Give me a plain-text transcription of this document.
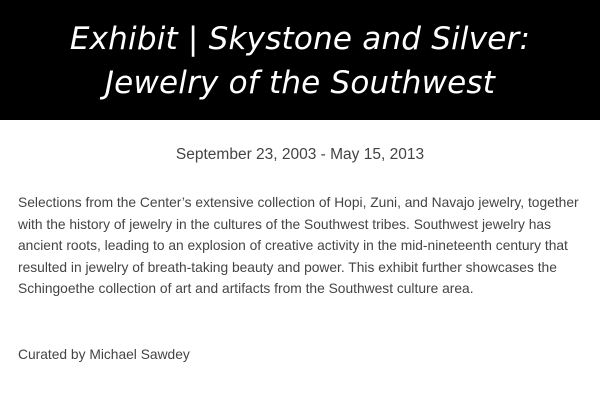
Exhibit | Skystone and Silver:
Jewelry of the Southwest
September 23, 2003 - May 15, 2013

Selections from the Center’s extensive collection of Hopi, Zuni, and Navajo jewelry, together with the history of jewelry in the cultures of the Southwest tribes. Southwest jewelry has ancient roots, leading to an explosion of creative activity in the mid-nineteenth century that resulted in jewelry of breath-taking beauty and power. This exhibit further showcases the Schingoethe collection of art and artifacts from the Southwest culture area.

Curated by Michael Sawdey
